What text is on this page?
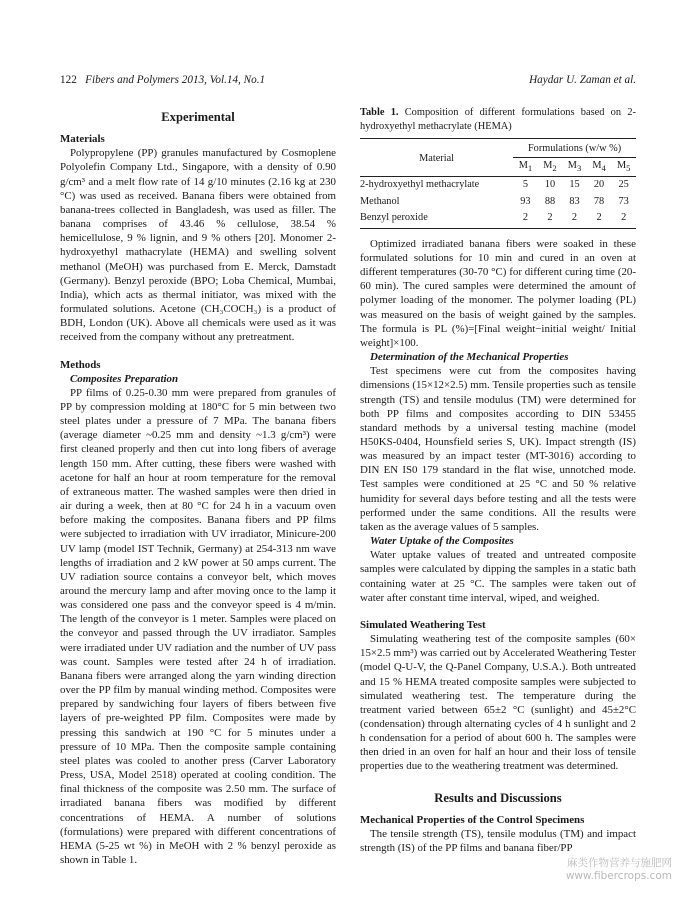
122 Fibers and Polymers 2013, Vol.14, No.1	Haydar U. Zaman et al.
Experimental
Materials

Polypropylene (PP) granules manufactured by Cosmoplene Polyolefin Company Ltd., Singapore, with a density of 0.90 g/cm³ and a melt flow rate of 14 g/10 minutes (2.16 kg at 230 °C) was used as received. Banana fibers were obtained from banana-trees collected in Bangladesh, was used as filler. The banana comprises of 43.46 % cellulose, 38.54 % hemicellulose, 9 % lignin, and 9 % others [20]. Monomer 2-hydroxyethyl mathacrylate (HEMA) and swelling solvent methanol (MeOH) was purchased from E. Merck, Damstadt (Germany). Benzyl peroxide (BPO; Loba Chemical, Mumbai, India), which acts as thermal initiator, was mixed with the formulated solutions. Acetone (CH₃COCH₃) is a product of BDH, London (UK). Above all chemicals were used as it was received from the company without any pretreatment.

Methods
Composites Preparation

PP films of 0.25-0.30 mm were prepared from granules of PP by compression molding at 180°C for 5 min between two steel plates under a pressure of 7 MPa. The banana fibers (average diameter ~0.25 mm and density ~1.3 g/cm³) were first cleaned properly and then cut into long fibers of average length 150 mm. After cutting, these fibers were washed with acetone for half an hour at room temperature for the removal of extraneous matter. The washed samples were then dried in air during a week, then at 80 °C for 24 h in a vacuum oven before making the composites. Banana fibers and PP films were subjected to irradiation with UV irradiator, Minicure-200 UV lamp (model IST Technik, Germany) at 254-313 nm wave lengths of irradiation and 2 kW power at 50 amps current. The UV radiation source contains a conveyor belt, which moves around the mercury lamp and after moving once to the lamp it was considered one pass and the conveyor speed is 4 m/min. The length of the conveyor is 1 meter. Samples were placed on the conveyor and passed through the UV irradiator. Samples were irradiated under UV radiation and the number of UV pass was count. Samples were tested after 24 h of irradiation. Banana fibers were arranged along the yarn winding direction over the PP film by manual winding method. Composites were prepared by sandwiching four layers of fibers between five layers of pre-weighted PP film. Composites were made by pressing this sandwich at 190 °C for 5 minutes under a pressure of 10 MPa. Then the composite sample containing steel plates was cooled to another press (Carver Laboratory Press, USA, Model 2518) operated at cooling condition. The final thickness of the composite was 2.50 mm. The surface of irradiated banana fibers was modified by different concentrations of HEMA. A number of solutions (formulations) were prepared with different concentrations of HEMA (5-25 wt %) in MeOH with 2 % benzyl peroxide as shown in Table 1.

Table 1. Composition of different formulations based on 2-hydroxyethyl methacrylate (HEMA)

Material	Formulations (w/w %)				
	$M_1$	$M_2$	$M_3$	$M_4$	$M_5$
2-hydroxyethyl methacrylate	5	10	15	20	25
Methanol	93	88	83	78	73
Benzyl peroxide	2	2	2	2	2

Optimized irradiated banana fibers were soaked in these formulated solutions for 10 min and cured in an oven at different temperatures (30-70 °C) for different curing time (20-60 min). The cured samples were determined the amount of polymer loading of the monomer. The polymer loading (PL) was measured on the basis of weight gained by the samples. The formula is PL (%)=[Final weight−initial weight/ Initial weight]×100.

Determination of the Mechanical Properties

Test specimens were cut from the composites having dimensions (15×12×2.5) mm. Tensile properties such as tensile strength (TS) and tensile modulus (TM) were determined for both PP films and composites according to DIN 53455 standard methods by a universal testing machine (model H50KS-0404, Hounsfield series S, UK). Impact strength (IS) was measured by an impact tester (MT-3016) according to DIN EN IS0 179 standard in the flat wise, unnotched mode. Test samples were conditioned at 25 °C and 50 % relative humidity for several days before testing and all the tests were performed under the same conditions. All the results were taken as the average values of 5 samples.

Water Uptake of the Composites

Water uptake values of treated and untreated composite samples were calculated by dipping the samples in a static bath containing water at 25 °C. The samples were taken out of water after constant time interval, wiped, and weighed.

Simulated Weathering Test

Simulating weathering test of the composite samples (60× 15×2.5 mm³) was carried out by Accelerated Weathering Tester (model Q-U-V, the Q-Panel Company, U.S.A.). Both untreated and 15 % HEMA treated composite samples were subjected to simulated weathering test. The temperature during the treatment varied between 65±2 °C (sunlight) and 45±2°C (condensation) through alternating cycles of 4 h sunlight and 2 h condensation for a period of about 600 h. The samples were then dried in an oven for half an hour and their loss of tensile properties due to the weathering treatment was determined.

Results and Discussions
Mechanical Properties of the Control Specimens

The tensile strength (TS), tensile modulus (TM) and impact strength (IS) of the PP films and banana fiber/PP

麻类作物营养与施肥网
www.fibercrops.com
